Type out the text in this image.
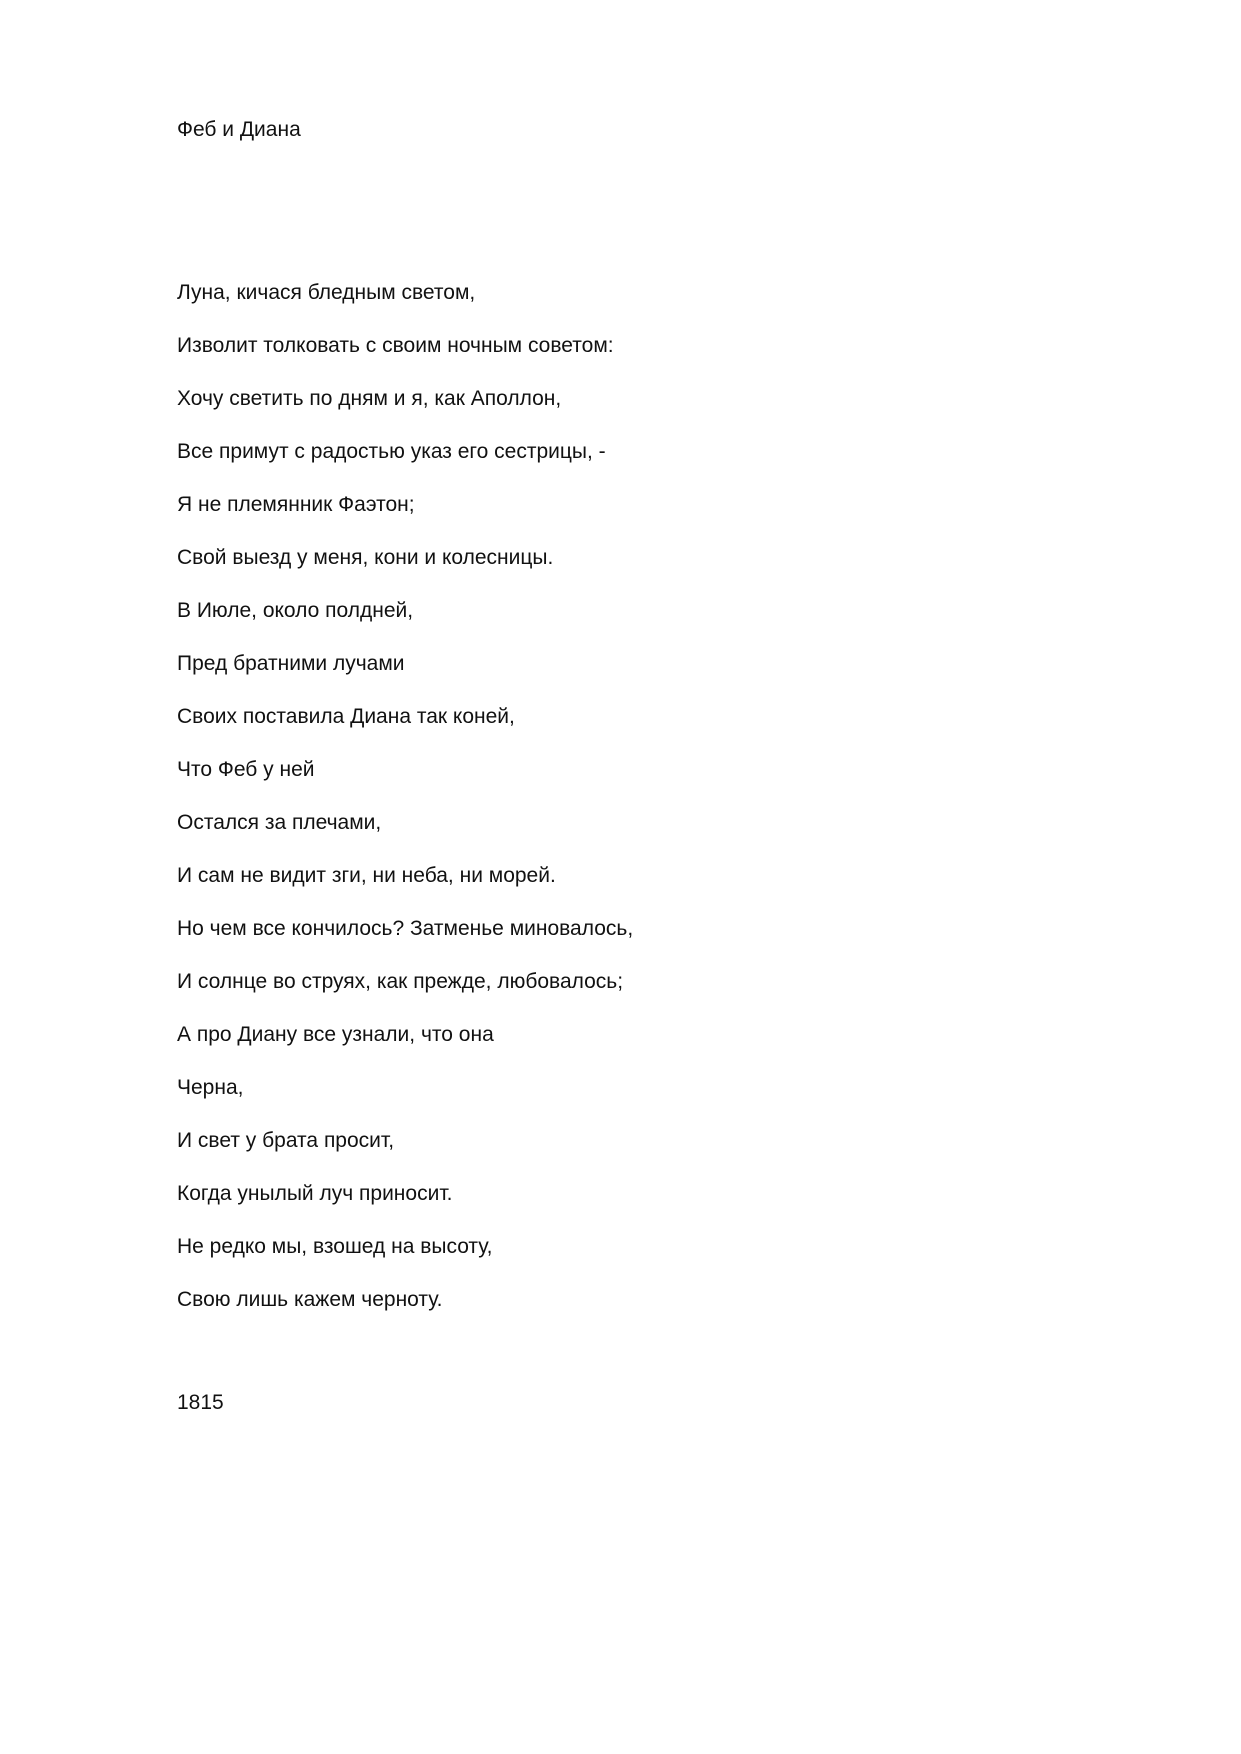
Феб и Диана
Луна, кичася бледным светом,
Изволит толковать с своим ночным советом:
Хочу светить по дням и я, как Аполлон,
Все примут с радостью указ его сестрицы, -
Я не племянник Фаэтон;
Свой выезд у меня, кони и колесницы.
В Июле, около полдней,
Пред братними лучами
Своих поставила Диана так коней,
Что Феб у ней
Остался за плечами,
И сам не видит зги, ни неба, ни морей.
Но чем все кончилось? Затменье миновалось,
И солнце во струях, как прежде, любовалось;
А про Диану все узнали, что она
Черна,
И свет у брата просит,
Когда унылый луч приносит.
Не редко мы, взошед на высоту,
Свою лишь кажем черноту.
1815
